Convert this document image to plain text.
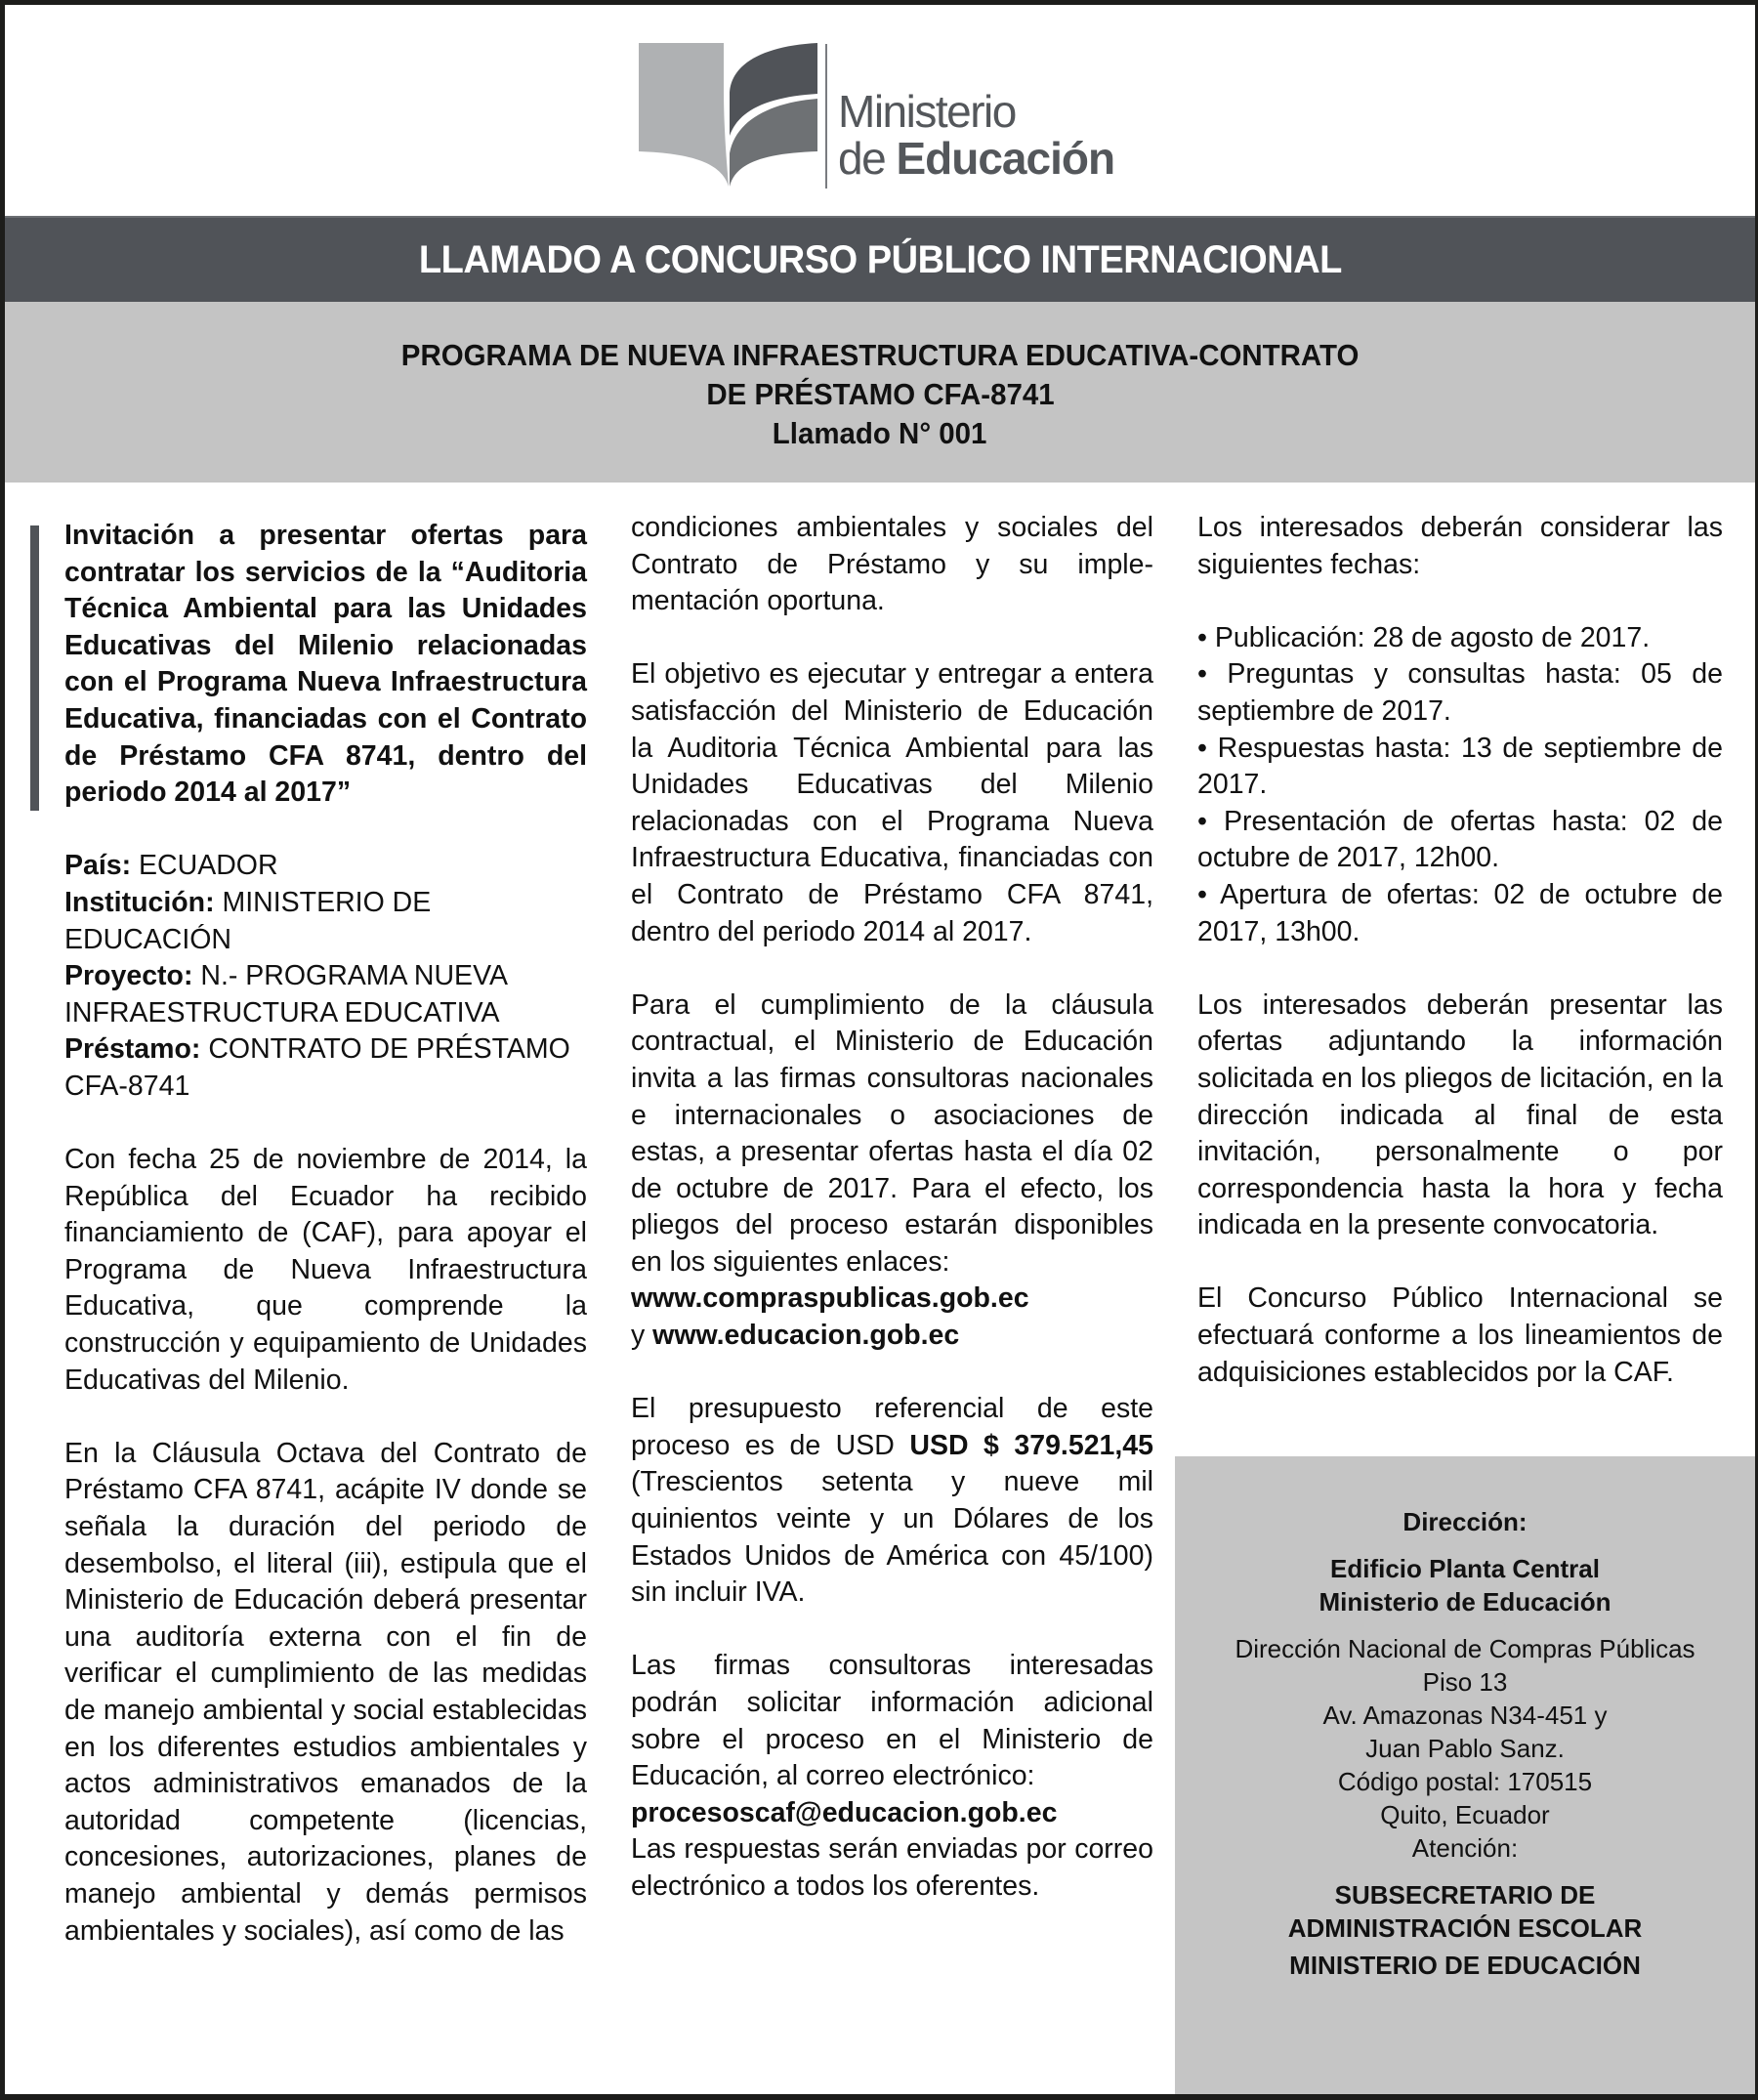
Ministerio
de Educación
LLAMADO A CONCURSO PÚBLICO INTERNACIONAL
PROGRAMA DE NUEVA INFRAESTRUCTURA EDUCATIVA-CONTRATO
DE PRÉSTAMO CFA-8741
Llamado N° 001

Invitación a presentar ofertas para contratar los servicios de la “Auditoria Técnica Ambiental para las Unidades Educativas del Milenio relacionadas con el Programa Nueva Infraestructura Educativa, financiadas con el Contrato de Préstamo CFA 8741, dentro del periodo 2014 al 2017”

País: ECUADOR
Institución: MINISTERIO DE EDUCACIÓN
Proyecto: N.- PROGRAMA NUEVA INFRAESTRUCTURA EDUCATIVA
Préstamo: CONTRATO DE PRÉSTAMO CFA-8741

Con fecha 25 de noviembre de 2014, la República del Ecuador ha recibido financiamiento de (CAF), para apoyar el Programa de Nueva Infraestructura Educativa, que comprende la construcción y equipamiento de Unidades Educativas del Milenio.

En la Cláusula Octava del Contrato de Préstamo CFA 8741, acápite IV donde se señala la duración del periodo de desembolso, el literal (iii), estipula que el Ministerio de Educación deberá presentar una auditoría externa con el fin de verificar el cumplimiento de las medidas de manejo ambiental y social establecidas en los diferentes estudios ambientales y actos administrativos emanados de la autoridad competente (licencias, concesiones, autorizaciones, planes de manejo ambiental y demás permisos ambientales y sociales), así como de las

condiciones ambientales y sociales del Contrato de Préstamo y su implementación oportuna.

El objetivo es ejecutar y entregar a entera satisfacción del Ministerio de Educación la Auditoria Técnica Ambiental para las Unidades Educativas del Milenio relacionadas con el Programa Nueva Infraestructura Educativa, financiadas con el Contrato de Préstamo CFA 8741, dentro del periodo 2014 al 2017.

Para el cumplimiento de la cláusula contractual, el Ministerio de Educación invita a las firmas consultoras nacionales e internacionales o asociaciones de estas, a presentar ofertas hasta el día 02 de octubre de 2017. Para el efecto, los pliegos del proceso estarán disponibles en los siguientes enlaces:
www.compraspublicas.gob.ec
y www.educacion.gob.ec

El presupuesto referencial de este proceso es de USD USD $ 379.521,45 (Trescientos setenta y nueve mil quinientos veinte y un Dólares de los Estados Unidos de América con 45/100) sin incluir IVA.

Las firmas consultoras interesadas podrán solicitar información adicional sobre el proceso en el Ministerio de Educación, al correo electrónico:
procesoscaf@educacion.gob.ec
Las respuestas serán enviadas por correo electrónico a todos los oferentes.

Los interesados deberán considerar las siguientes fechas:

• Publicación: 28 de agosto de 2017.
• Preguntas y consultas hasta: 05 de septiembre de 2017.
• Respuestas hasta: 13 de septiembre de 2017.
• Presentación de ofertas hasta: 02 de octubre de 2017, 12h00.
• Apertura de ofertas: 02 de octubre de 2017, 13h00.

Los interesados deberán presentar las ofertas adjuntando la información solicitada en los pliegos de licitación, en la dirección indicada al final de esta invitación, personalmente o por correspondencia hasta la hora y fecha indicada en la presente convocatoria.

El Concurso Público Internacional se efectuará conforme a los lineamientos de adquisiciones establecidos por la CAF.

Dirección:
Edificio Planta Central
Ministerio de Educación
Dirección Nacional de Compras Públicas
Piso 13
Av. Amazonas N34-451 y
Juan Pablo Sanz.
Código postal: 170515
Quito, Ecuador
Atención:
SUBSECRETARIO DE
ADMINISTRACIÓN ESCOLAR
MINISTERIO DE EDUCACIÓN
